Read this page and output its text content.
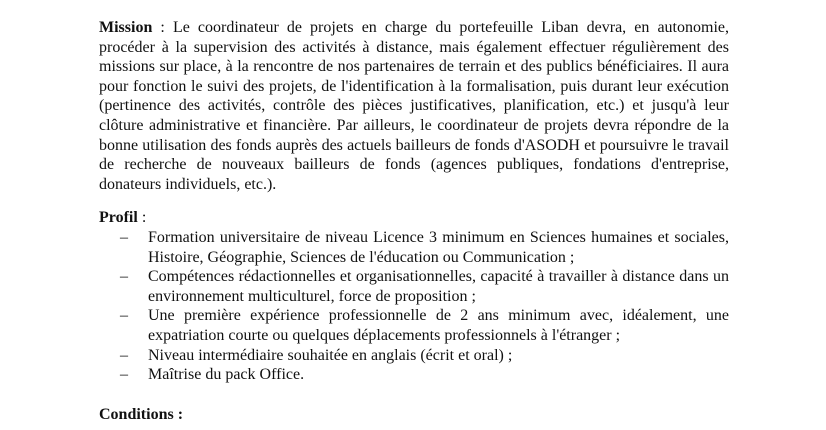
Mission : Le coordinateur de projets en charge du portefeuille Liban devra, en autonomie, procéder à la supervision des activités à distance, mais également effectuer régulièrement des missions sur place, à la rencontre de nos partenaires de terrain et des publics bénéficiaires. Il aura pour fonction le suivi des projets, de l'identification à la formalisation, puis durant leur exécution (pertinence des activités, contrôle des pièces justificatives, planification, etc.) et jusqu'à leur clôture administrative et financière. Par ailleurs, le coordinateur de projets devra répondre de la bonne utilisation des fonds auprès des actuels bailleurs de fonds d'ASODH et poursuivre le travail de recherche de nouveaux bailleurs de fonds (agences publiques, fondations d'entreprise, donateurs individuels, etc.).

Profil :

– Formation universitaire de niveau Licence 3 minimum en Sciences humaines et sociales, Histoire, Géographie, Sciences de l'éducation ou Communication ;
– Compétences rédactionnelles et organisationnelles, capacité à travailler à distance dans un environnement multiculturel, force de proposition ;
– Une première expérience professionnelle de 2 ans minimum avec, idéalement, une expatriation courte ou quelques déplacements professionnels à l'étranger ;
– Niveau intermédiaire souhaitée en anglais (écrit et oral) ;
– Maîtrise du pack Office.

Conditions :
